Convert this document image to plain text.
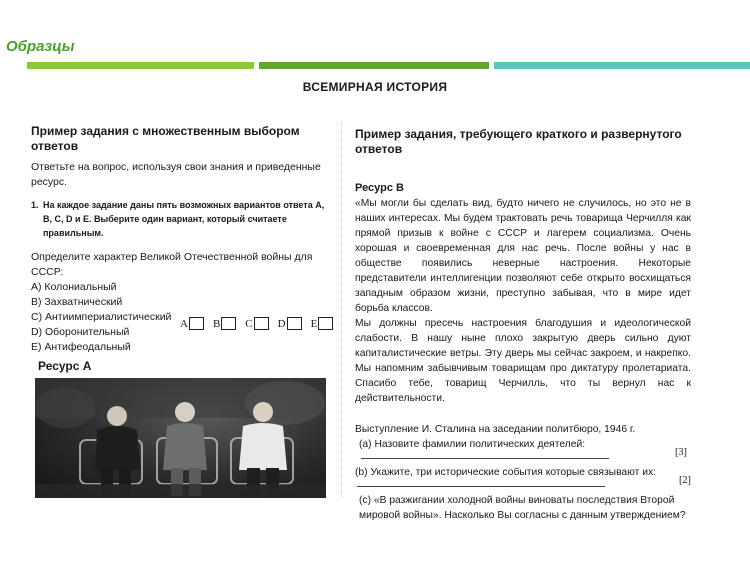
Образцы
ВСЕМИРНАЯ ИСТОРИЯ
Пример задания с множественным выбором ответов

Ответьте на вопрос, используя свои знания и приведенные ресурс.

1. На каждое задание даны пять возможных вариантов ответа А, В, С, D и Е. Выберите один вариант, который считаете правильным.
Определите характер Великой Отечественной войны для СССР:
A) Колониальный
B) Захватнический
C) Антиимпериалистический
D) Оборонительный
E) Антифеодальный
A B C D E
Ресурс А
Пример задания, требующего краткого и развернутого ответов
Ресурс В

«Мы могли бы сделать вид, будто ничего не случилось, но это не в наших интересах. Мы будем трактовать речь товарища Черчилля как прямой призыв к войне с СССР и лагерем социализма. Очень хорошая и своевременная для нас речь. После войны у нас в обществе появились неверные настроения. Некоторые представители интеллигенции позволяют себе открыто восхищаться западным образом жизни, преступно забывая, что в мире идет борьба классов.

Мы должны пресечь настроения благодушия и идеологической слабости. В нашу ныне плохо закрытую дверь сильно дуют капиталистические ветры. Эту дверь мы сейчас закроем, и накрепко. Мы напомним забывчивым товарищам про диктатуру пролетариата. Спасибо тебе, товарищ Черчилль, что ты вернул нас к действительности.

Выступление И. Сталина на заседании политбюро, 1946 г.
(a) Назовите фамилии политических деятелей:
[3]
(b) Укажите, три исторические события которые связывают их:
[2]
(c) «В разжигании холодной войны виноваты последствия Второй мировой войны». Насколько Вы согласны с данным утверждением?
